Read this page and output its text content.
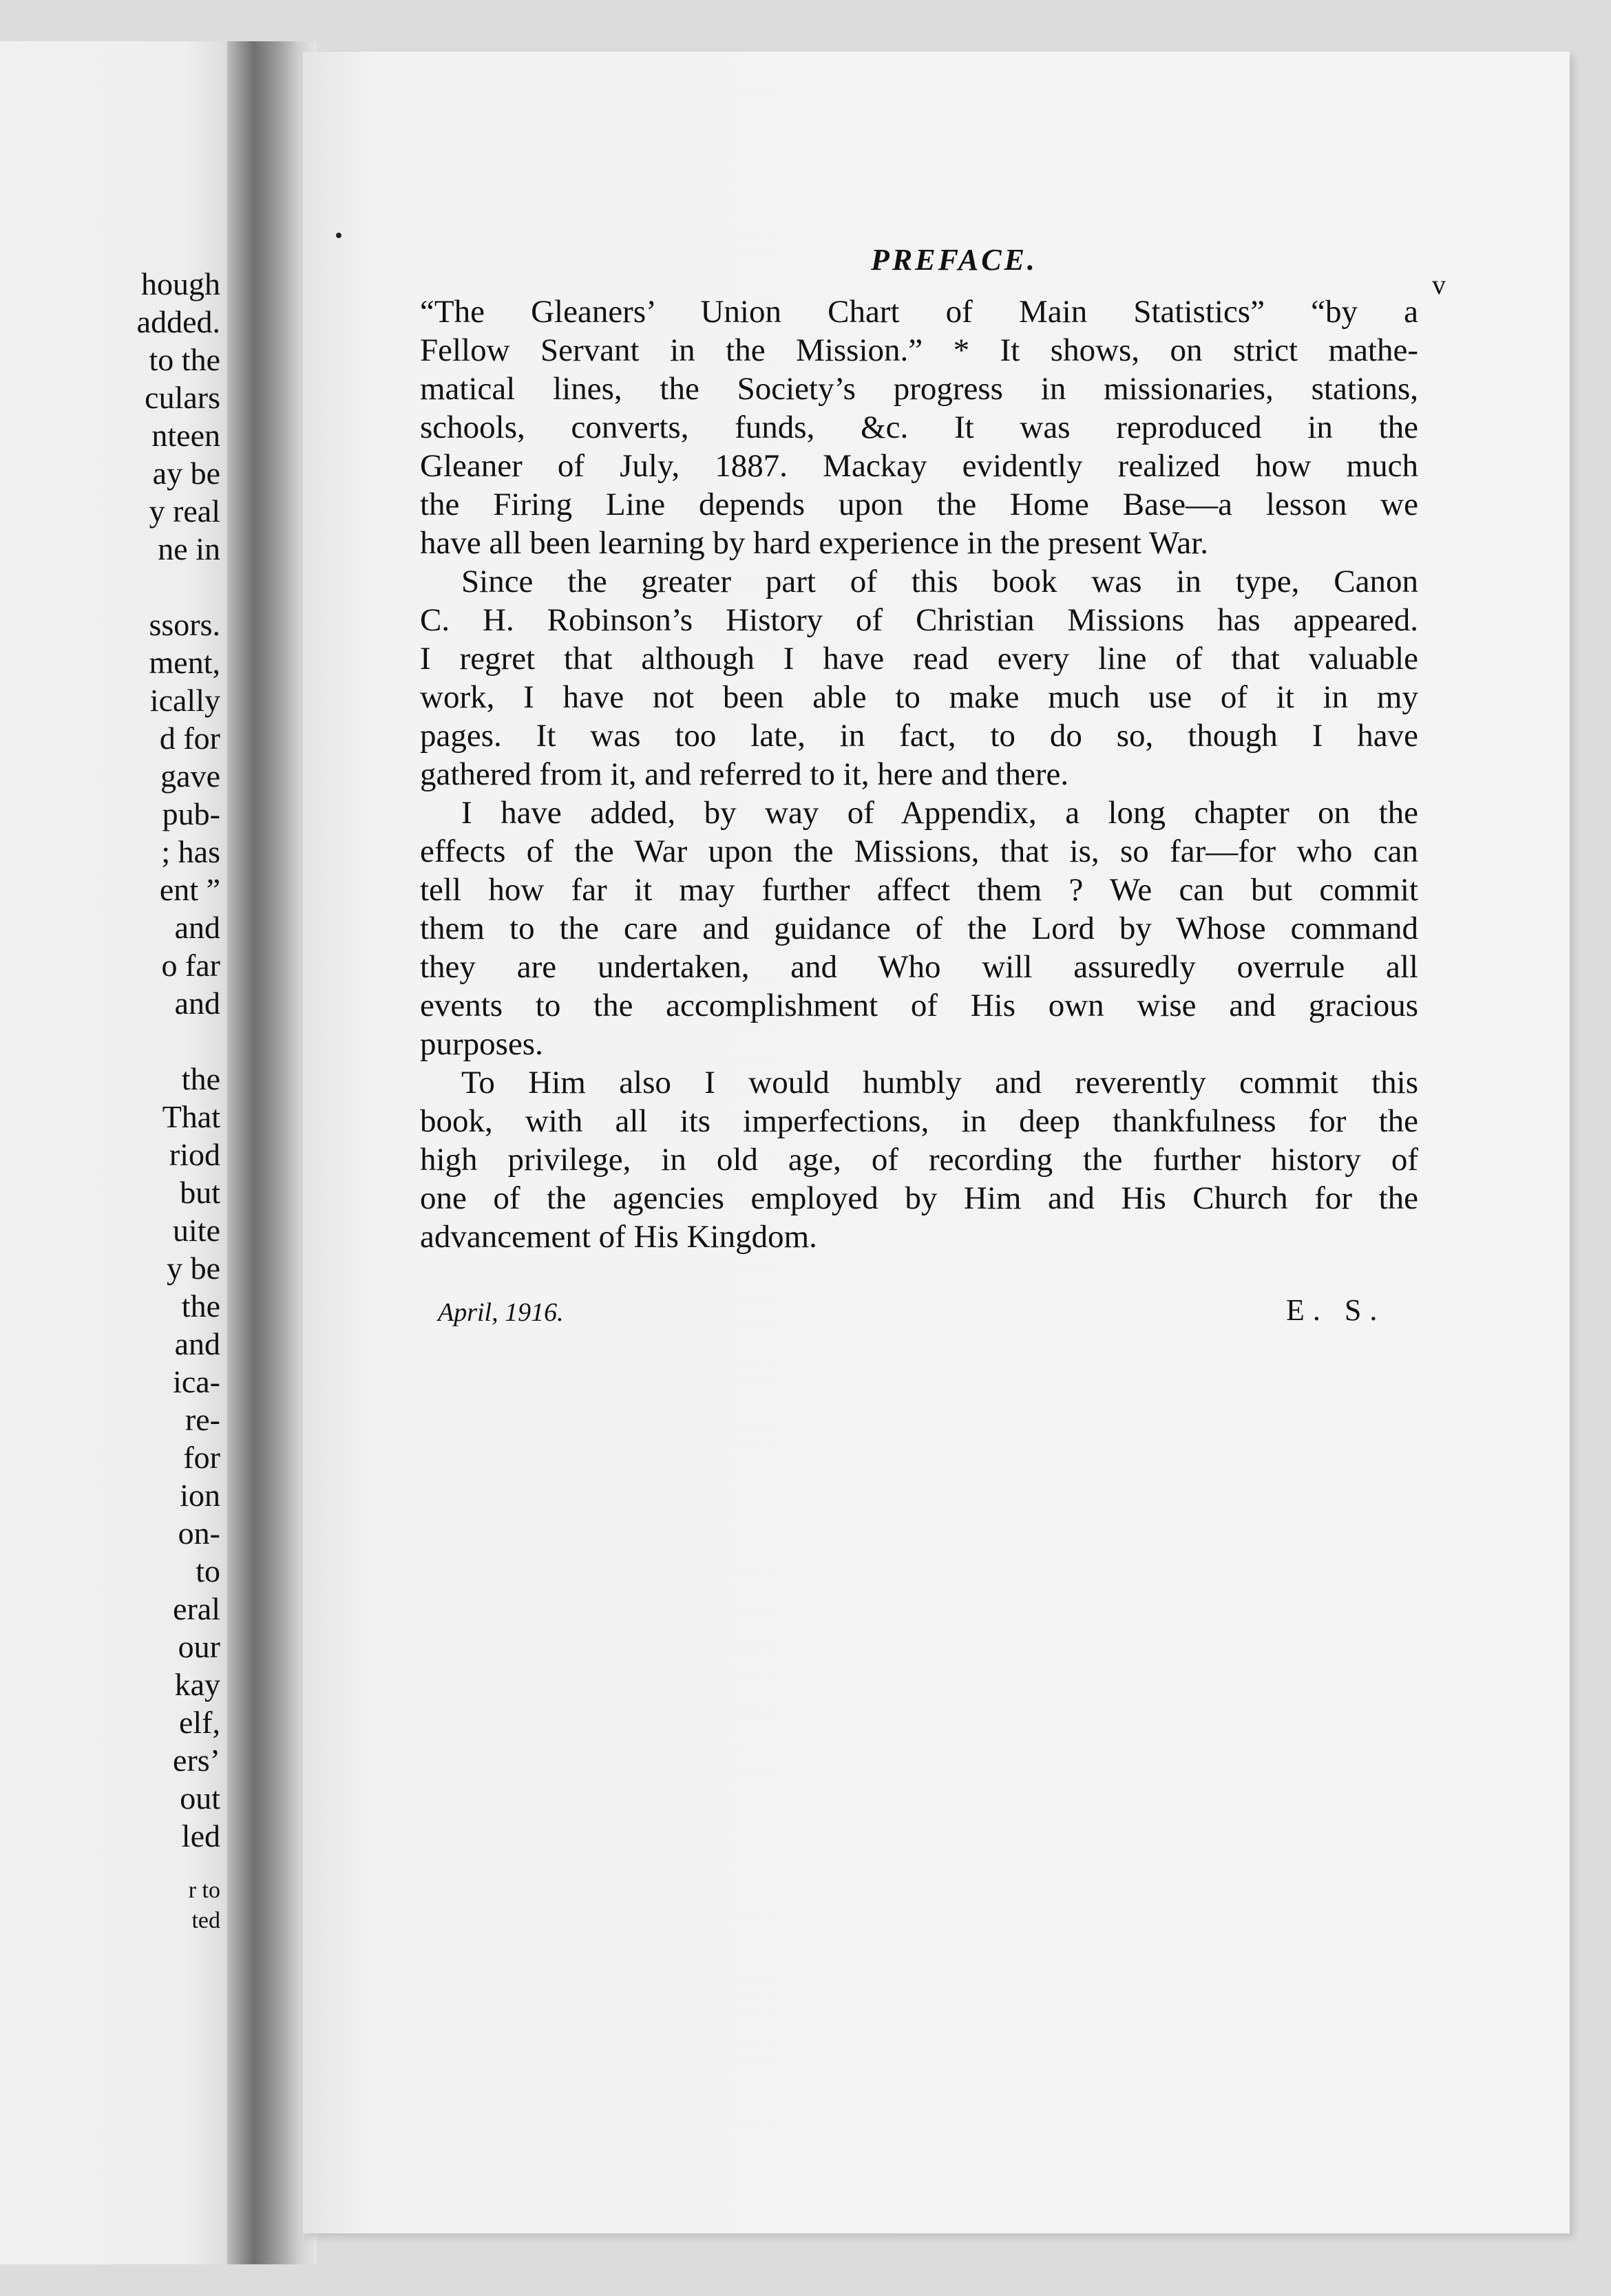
hough

added.

to the

culars

nteen

ay be

y real

ne in

ssors.

ment,

ically

d for

gave

pub-

; has

ent ”

and

o far

and

the

That

riod

but

uite

y be

the

and

ica-

re-

for

ion

on-

to

eral

our

kay

elf,

ers’

out

led

r to

ted

PREFACE.

v

“The Gleaners’ Union Chart of Main Statistics” “by a
Fellow Servant in the Mission.” * It shows, on strict mathe-
matical lines, the Society’s progress in missionaries, stations,
schools, converts, funds, &c. It was reproduced in the
Gleaner of July, 1887. Mackay evidently realized how much
the Firing Line depends upon the Home Base—a lesson we
have all been learning by hard experience in the present War.
Since the greater part of this book was in type, Canon
C. H. Robinson’s History of Christian Missions has appeared.
I regret that although I have read every line of that valuable
work, I have not been able to make much use of it in my
pages. It was too late, in fact, to do so, though I have
gathered from it, and referred to it, here and there.
I have added, by way of Appendix, a long chapter on the
effects of the War upon the Missions, that is, so far—for who can
tell how far it may further affect them ? We can but commit
them to the care and guidance of the Lord by Whose command
they are undertaken, and Who will assuredly overrule all
events to the accomplishment of His own wise and gracious
purposes.
To Him also I would humbly and reverently commit this
book, with all its imperfections, in deep thankfulness for the
high privilege, in old age, of recording the further history of
one of the agencies employed by Him and His Church for the
advancement of His Kingdom.

April, 1916.	E. S.
